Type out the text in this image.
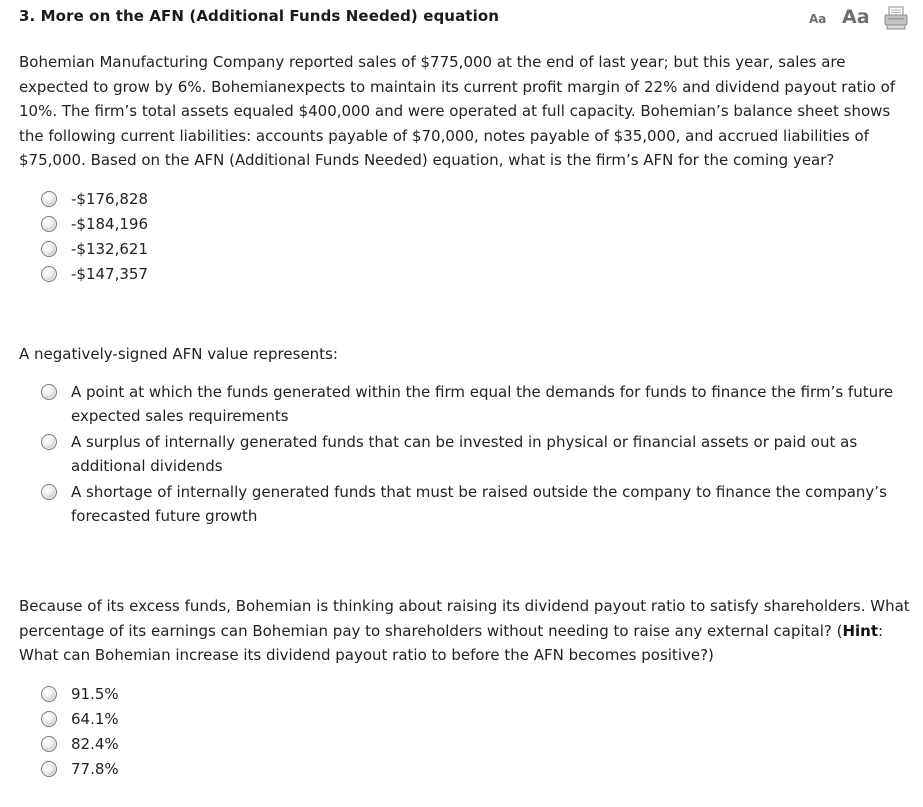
3. More on the AFN (Additional Funds Needed) equation	Aa Aa

Bohemian Manufacturing Company reported sales of $775,000 at the end of last year; but this year, sales are expected to grow by 6%. Bohemianexpects to maintain its current profit margin of 22% and dividend payout ratio of 10%. The firm’s total assets equaled $400,000 and were operated at full capacity. Bohemian’s balance sheet shows the following current liabilities: accounts payable of $70,000, notes payable of $35,000, and accrued liabilities of $75,000. Based on the AFN (Additional Funds Needed) equation, what is the firm’s AFN for the coming year?

-$176,828
-$184,196
-$132,621
-$147,357

A negatively-signed AFN value represents:

A point at which the funds generated within the firm equal the demands for funds to finance the firm’s future expected sales requirements
A surplus of internally generated funds that can be invested in physical or financial assets or paid out as additional dividends
A shortage of internally generated funds that must be raised outside the company to finance the company’s forecasted future growth

Because of its excess funds, Bohemian is thinking about raising its dividend payout ratio to satisfy shareholders. What percentage of its earnings can Bohemian pay to shareholders without needing to raise any external capital? (Hint: What can Bohemian increase its dividend payout ratio to before the AFN becomes positive?)

91.5%
64.1%
82.4%
77.8%
